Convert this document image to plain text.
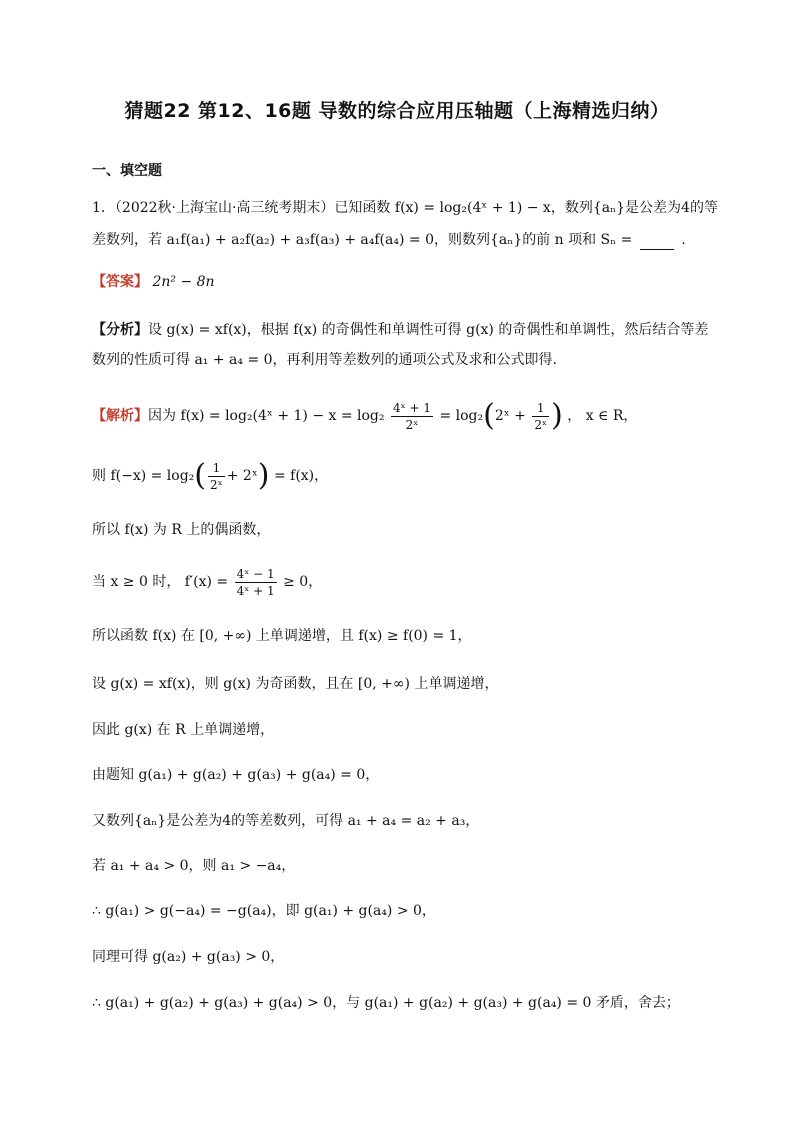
猜题22 第12、16题 导数的综合应用压轴题（上海精选归纳）
一、填空题
1．（2022秋·上海宝山·高三统考期末）已知函数 f(x) = log₂(4ˣ + 1) − x，数列{aₙ}是公差为4的等
差数列，若 a₁f(a₁) + a₂f(a₂) + a₃f(a₃) + a₄f(a₄) = 0，则数列{aₙ}的前 n 项和 Sₙ =	.
【答案】 2n² − 8n
【分析】设 g(x) = xf(x)，根据 f(x) 的奇偶性和单调性可得 g(x) 的奇偶性和单调性，然后结合等差
数列的性质可得 a₁ + a₄ = 0，再利用等差数列的通项公式及求和公式即得.
【解析】因为 f(x) = log₂(4ˣ + $1) - x = \log_2 \frac{\text{4ˣ + 1}}{\text{2ˣ}}$ = log₂(2ˣ + $\frac{1}{\text{2ˣ}}$ ) ， x ∈ R，
则 $f(-x) = \log_2( \frac{1}{\text{2ˣ}}$ + 2ˣ) = f(x)，
所以 f(x) 为 R 上的偶函数，
当 x ≥ 0 时， $f'(x) = \frac{\text{4ˣ − 1}}{\text{4ˣ + 1}} \ge 0$，
所以函数 f(x) 在 [0, +∞) 上单调递增，且 f(x) ≥ f(0) = 1，
设 g(x) = xf(x)，则 g(x) 为奇函数，且在 [0, +∞) 上单调递增，
因此 g(x) 在 R 上单调递增，
由题知 g(a₁) + g(a₂) + g(a₃) + g(a₄) = 0，
又数列{aₙ}是公差为4的等差数列，可得 a₁ + a₄ = a₂ + a₃，
若 a₁ + a₄ > 0，则 a₁ > −a₄，
∴ g(a₁) > g(−a₄) = −g(a₄)，即 g(a₁) + g(a₄) > 0，
同理可得 g(a₂) + g(a₃) > 0，
∴ g(a₁) + g(a₂) + g(a₃) + g(a₄) > 0，与 g(a₁) + g(a₂) + g(a₃) + g(a₄) = 0 矛盾，舍去；
